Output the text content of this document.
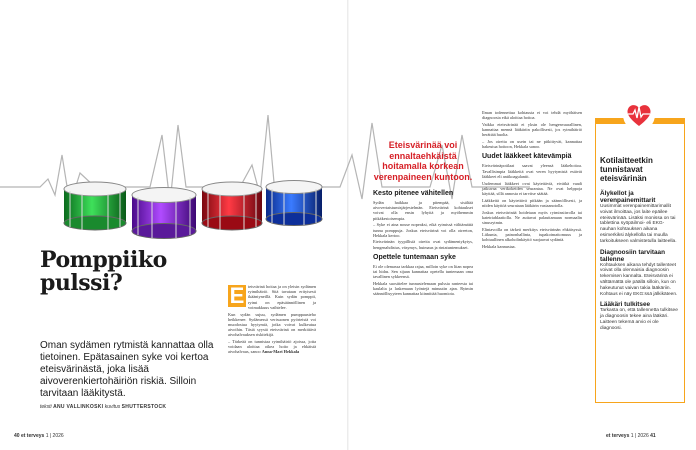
Pomppiiko pulssi?

Oman sydämen rytmistä kannattaa olla tietoinen. Epätasainen syke voi kertoa eteisvärinästä, joka lisää aivoverenkiertohäiriön riskiä. Silloin tarvitaan lääkitystä.

teksti ANU VALLINKOSKI kuvitus SHUTTERSTOCK

E teisvärinä hoitaa ja on yleisin sydämen rytmihäiriö. Sitä tavataan erityisesti ikääntyneillä. Kuin sydän pomppii, rytmi on epäsäännöllinen ja voimakkuus vaihtelee.

Kun sydän sujuu, sydämen pumppausteho heikkenee. Sydämessä verisuonen pyörteistä voi muodostua hyytymiä, jotka voivat kulkeutua aivoihin. Tästä syystä eteisvärinä on merkittävä aivohalvauksen riskitekijä.

– Tärkeää on tunnistaa rytmihäiriö ajoissa, jotta voidaan aloittaa oikea hoito ja ehkäistä aivohalvaus, sanoo Anna-Mari Hekkala

Kesto pitenee vähitellen

Sydän haikkaa ja pitempää, sisältää aivovertaistumisjärjestelmän. Eteisvärinä kohtaukset voivat olla ensin lyhyitä ja myöhemmin pitkäkestoisempia.

– Syke ei aina nouse nopeaksi, eikä rytmissä välttämättä tunnu pomppuja. Joskus eteisvärinä voi olla oireeton, Hekkala kertoo.

Eteisvärinän tyypillisiä oireita ovat sydämentykytys, hengenahdistus, väsymys, huimaus ja rintatuntemukset.

Opettele tuntemaan syke

Ei ole olemassa tarkkaa rajaa, milloin syke on liian nopea tai hidas. Sen sijaan kannattaa opetella tuntemaan oma tavallinen sykkeensä.

Hekkala suosittelee tunnustelemaan pulssia ranteesta tai kaulalta ja laskemaan lyöntejä minuutin ajan. Rytmin säännöllisyyteen kannattaa kiinnittää huomiota.

Eteisvärinää voi ennaltaehkäistä hoitamalla korkean verenpaineen kuntoon.

Ilman todennettua kohtausta ei voi tehdä myöhäisen diagnoosia eikä aloittaa hoitoa.

Vaikka eteisvärinää ei yksin ole hengenvaarallinen, kannattaa mennä lääkäriin pakollisesti, jos rytmihäiriö herättää huolta.

– Jos oireita on usein tai ne pitkittyvät, kannattaa hakeutua hoitoon, Hekkala sanoo.

Uudet lääkkeet kätevämpiä

Eteisvärinäpotilaat saavat yleensä lääkehoitoa. Tavallisimpia lääkkeitä ovat veren hyytymistä estävät lääkkeet eli antikoagulantit.

Uudemmat lääkkeet ovat käytettäviä, eivätkä vaadi jatkuvaa verikokeiden seurantaa. Ne ovat helppoja käyttää, sillä annosta ei tarvitse säätää.

Lääkkeitä on käytettävä pitkään ja säännöllisesti, ja niiden käyttöä seurataan lääkärin vastaanotolla.

Joskus eteisvärinää hoidetaan myös rytminsiirrolla tai katetriablaatiolla. Ne auttavat palauttamaan normaalin sinusrytmin.

Elintavoilla on tärkeä merkitys eteisvärinän ehkäisyssä. Liikunta, painonhallinta, tupakoimattomuus ja kohtuullinen alkoholinkäyttö suojaavat sydäntä.

Hekkala kannustaa.

Kotilaitteetkin tunnistavat eteisvärinän
Älykellot ja verenpainemittarit

Uusimmat verenpainemittarimallit voivat ilmoittaa, jos laite epäilee eteisvärinää. Lisäksi monissa on tai tablettina syöpäilmoi- eli EKG-nauhan kohtauksen aikana esimerkiksi älykellolla tai muulla tarkoitukseen valmistetulla laitteella.

Diagnoosiin tarvitaan tallenne

Kohtauksen aikana tehdyt tallenteet voivat olla olennaisia diagnoosin tekemisen kannalta. Eteisvärinä ei välttämättä ole päällä silloin, kun on hakeutunut vaivan takia lääkäriin. Kohtaus ei näy EKG:ssä jälkikäteen.

Lääkäri tulkitsee

Tarkasta on, että tallennetta tulkitsee ja diagnoosin tekee aina lääkäri. Laitteen tekemä arvio ei ole diagnoosi.

40 et terveys 1 | 2026	et terveys 1 | 2026 41
